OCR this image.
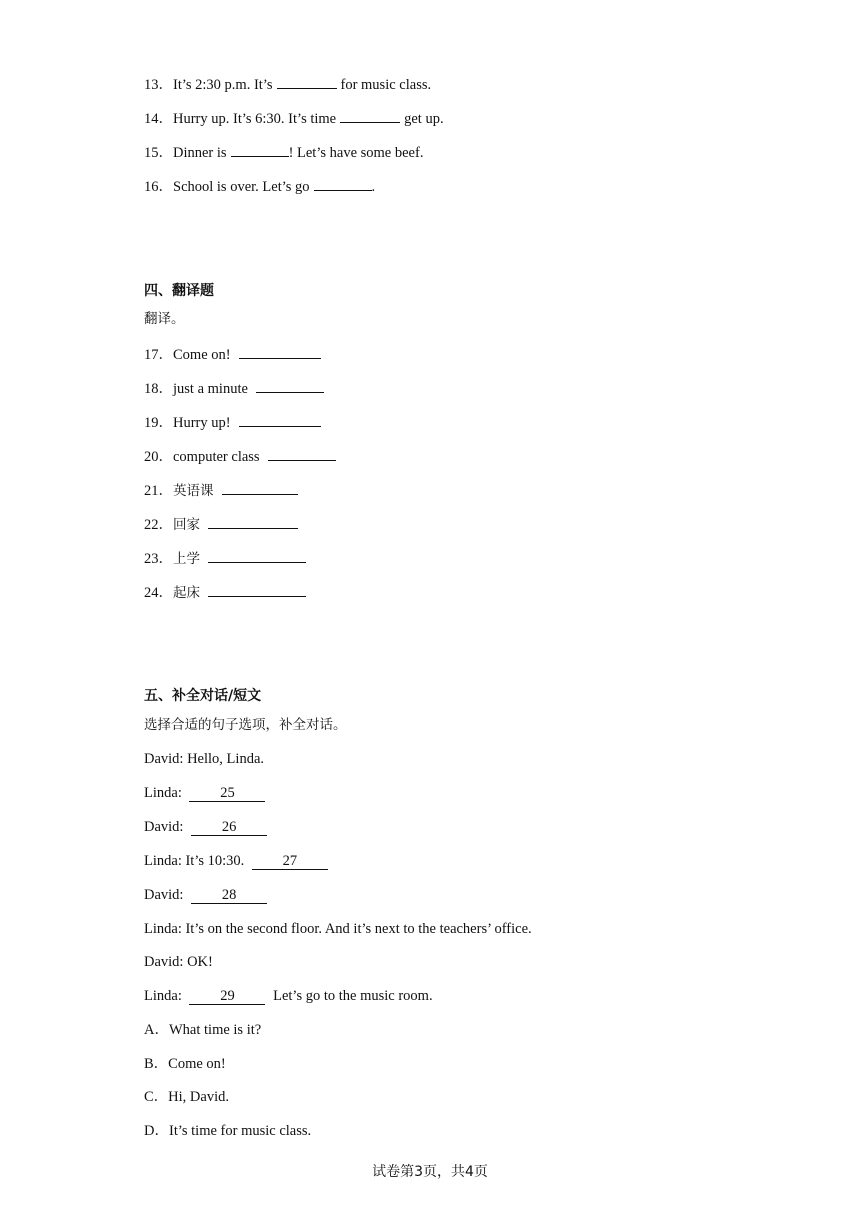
13．It’s 2:30 p.m. It’s	for music class.
14．Hurry up. It’s 6:30. It’s time	get up.
15．Dinner is	! Let’s have some beef.
16．School is over. Let’s go	.
四、翻译题
翻译。
17．Come on!
18．just a minute
19．Hurry up!
20．computer class
21．英语课
22．回家
23．上学
24．起床
五、补全对话/短文
选择合适的句子选项，补全对话。
David: Hello, Linda.
Linda:	25
David:	26
Linda: It’s 10:30.	27
David:	28
Linda: It’s on the second floor. And it’s next to the teachers’ office.
David: OK!
Linda:	29	Let’s go to the music room.
A．What time is it?
B．Come on!
C．Hi, David.
D．It’s time for music class.
试卷第3页，共4页
